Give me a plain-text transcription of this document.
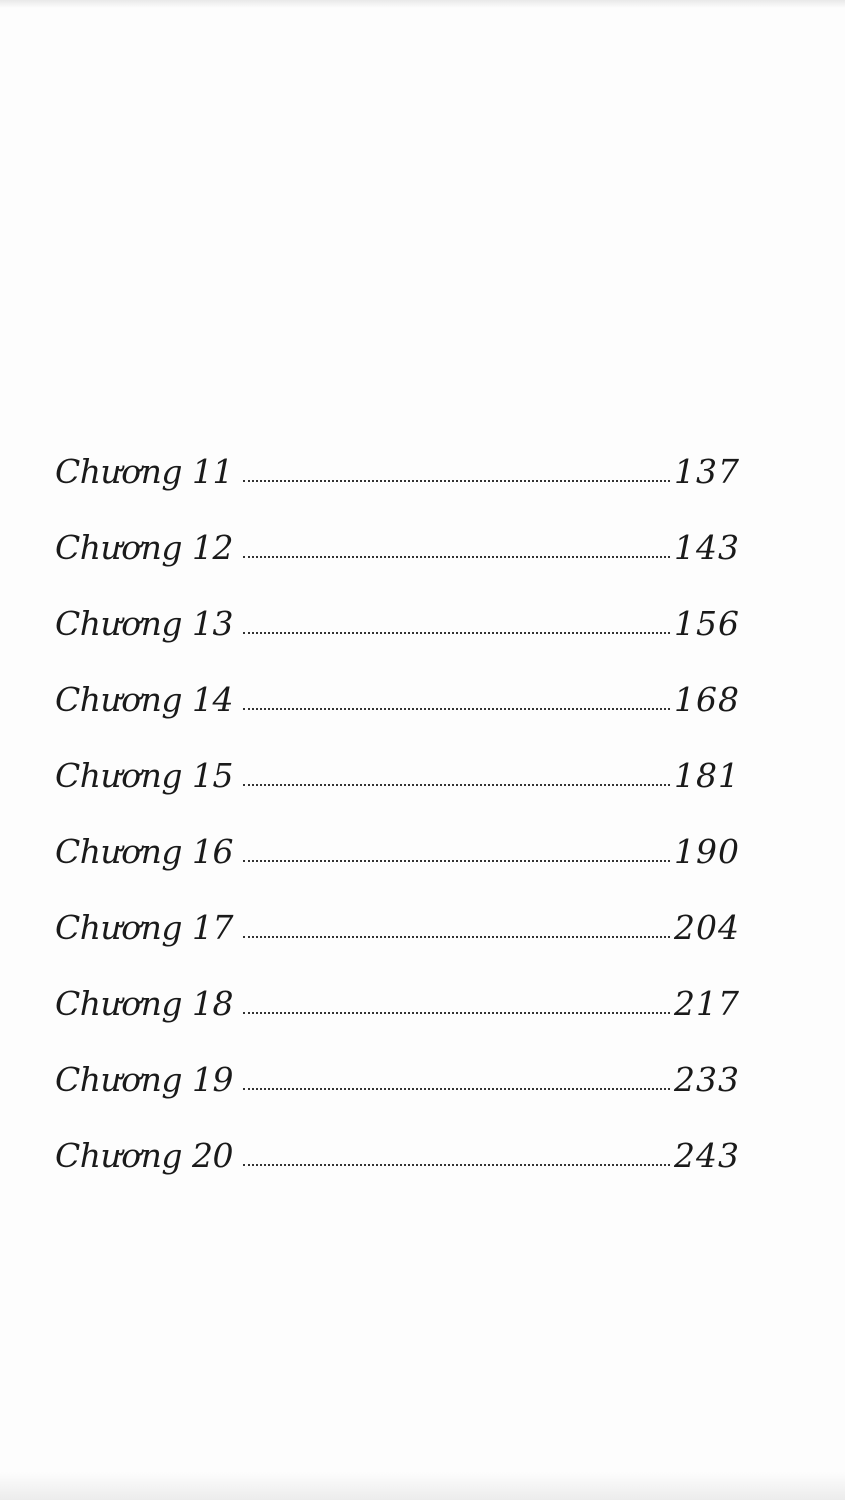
Chương 11	137
Chương 12	143
Chương 13	156
Chương 14	168
Chương 15	181
Chương 16	190
Chương 17	204
Chương 18	217
Chương 19	233
Chương 20	243
